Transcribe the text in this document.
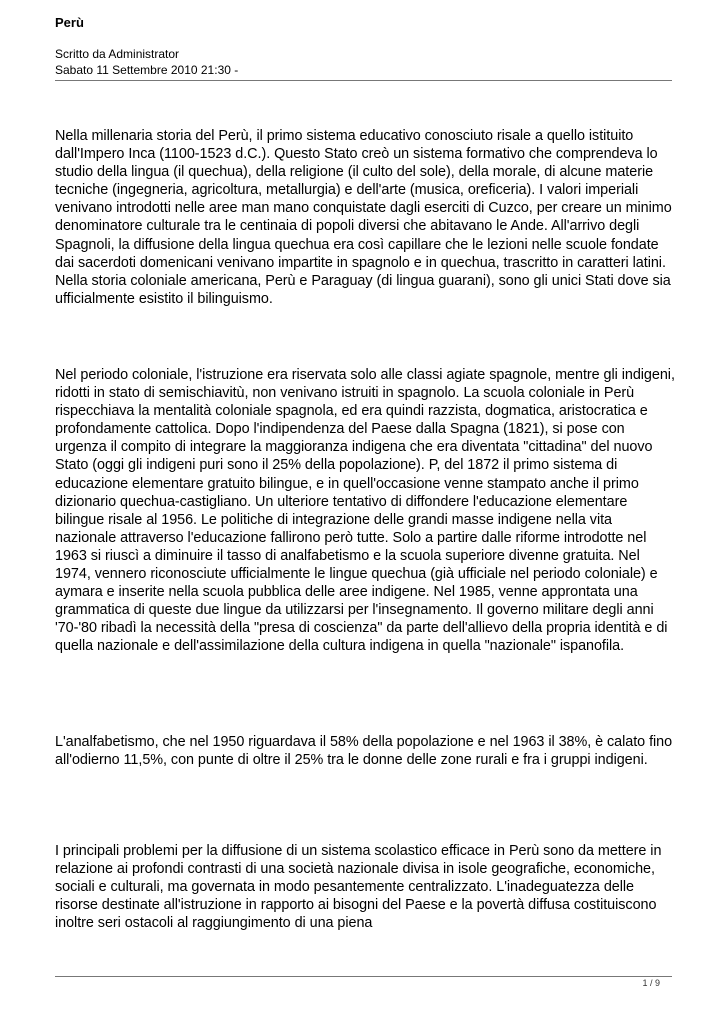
Perù
Scritto da Administrator
Sabato 11 Settembre 2010 21:30 -

Nella millenaria storia del Perù, il primo sistema educativo conosciuto risale a quello istituito dall'Impero Inca (1100-1523 d.C.). Questo Stato creò un sistema formativo che comprendeva lo studio della lingua (il quechua), della religione (il culto del sole), della morale, di alcune materie tecniche (ingegneria, agricoltura, metallurgia) e dell'arte (musica, oreficeria). I valori imperiali venivano introdotti nelle aree man mano conquistate dagli eserciti di Cuzco, per creare un minimo denominatore culturale tra le centinaia di popoli diversi che abitavano le Ande. All'arrivo degli Spagnoli, la diffusione della lingua quechua era così capillare che le lezioni nelle scuole fondate dai sacerdoti domenicani venivano impartite in spagnolo e in quechua, trascritto in caratteri latini. Nella storia coloniale americana, Perù e Paraguay (di lingua guarani), sono gli unici Stati dove sia ufficialmente esistito il bilinguismo.

Nel periodo coloniale, l'istruzione era riservata solo alle classi agiate spagnole, mentre gli indigeni, ridotti in stato di semischiavitù, non venivano istruiti in spagnolo. La scuola coloniale in Perù rispecchiava la mentalità coloniale spagnola, ed era quindi razzista, dogmatica, aristocratica e profondamente cattolica. Dopo l'indipendenza del Paese dalla Spagna (1821), si pose con urgenza il compito di integrare la maggioranza indigena che era diventata "cittadina" del nuovo Stato (oggi gli indigeni puri sono il 25% della popolazione). P, del 1872 il primo sistema di educazione elementare gratuito bilingue, e in quell'occasione venne stampato anche il primo dizionario quechua-castigliano. Un ulteriore tentativo di diffondere l'educazione elementare bilingue risale al 1956. Le politiche di integrazione delle grandi masse indigene nella vita nazionale attraverso l'educazione fallirono però tutte. Solo a partire dalle riforme introdotte nel 1963 si riuscì a diminuire il tasso di analfabetismo e la scuola superiore divenne gratuita. Nel 1974, vennero riconosciute ufficialmente le lingue quechua (già ufficiale nel periodo coloniale) e aymara e inserite nella scuola pubblica delle aree indigene. Nel 1985, venne approntata una grammatica di queste due lingue da utilizzarsi per l'insegnamento. Il governo militare degli anni '70-'80 ribadì la necessità della "presa di coscienza" da parte dell'allievo della propria identità e di quella nazionale e dell'assimilazione della cultura indigena in quella "nazionale" ispanofila.

L'analfabetismo, che nel 1950 riguardava il 58% della popolazione e nel 1963 il 38%, è calato fino all'odierno 11,5%, con punte di oltre il 25% tra le donne delle zone rurali e fra i gruppi indigeni.

I principali problemi per la diffusione di un sistema scolastico efficace in Perù sono da mettere in relazione ai profondi contrasti di una società nazionale divisa in isole geografiche, economiche, sociali e culturali, ma governata in modo pesantemente centralizzato. L'inadeguatezza delle risorse destinate all'istruzione in rapporto ai bisogni del Paese e la povertà diffusa costituiscono inoltre seri ostacoli al raggiungimento di una piena

1 / 9
